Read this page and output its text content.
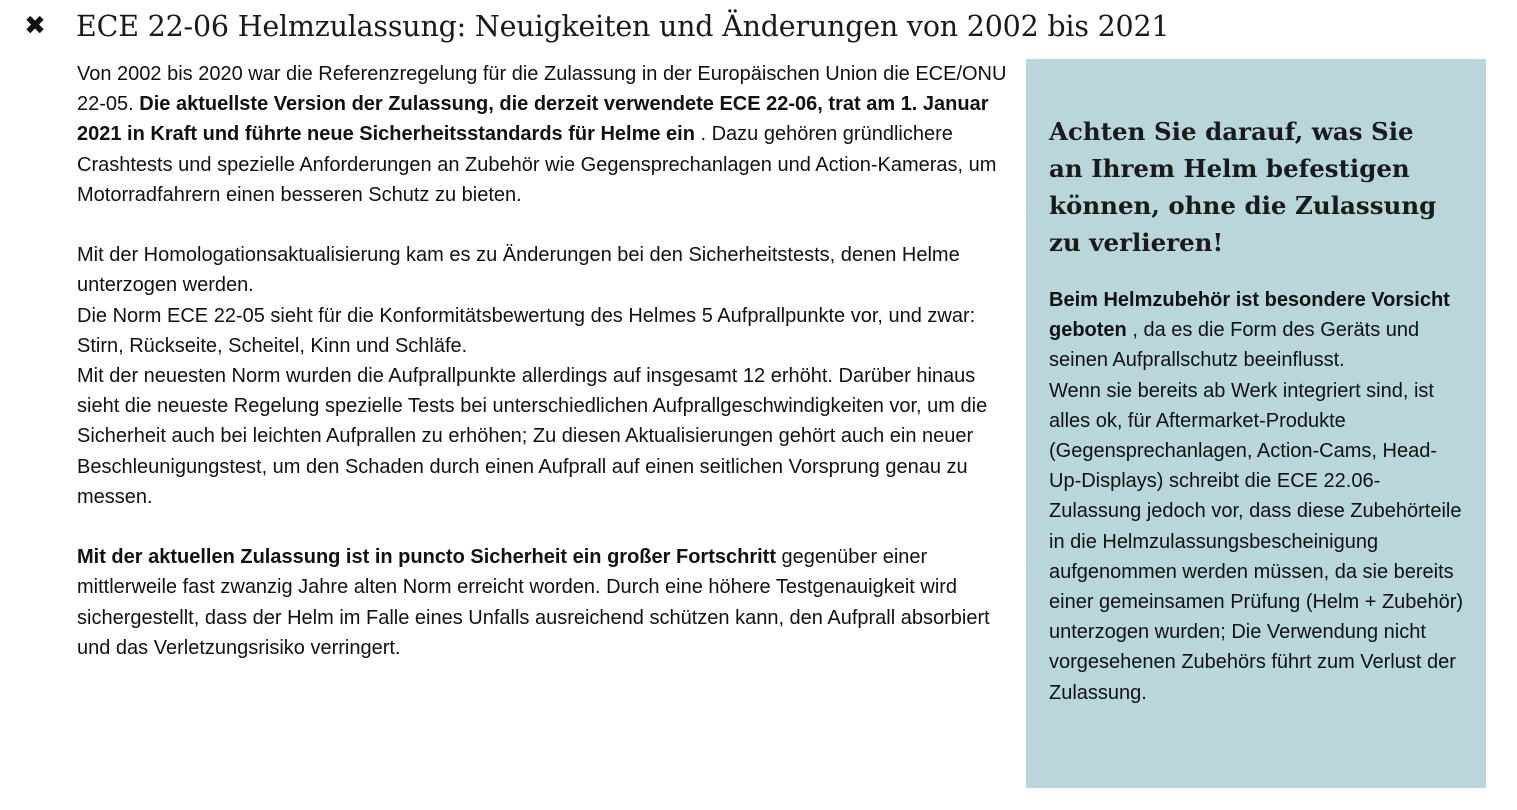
✖ ECE 22-06 Helmzulassung: Neuigkeiten und Änderungen von 2002 bis 2021

Von 2002 bis 2020 war die Referenzregelung für die Zulassung in der Europäischen Union die ECE/ONU 22-05. Die aktuellste Version der Zulassung, die derzeit verwendete ECE 22-06, trat am 1. Januar 2021 in Kraft und führte neue Sicherheitsstandards für Helme ein . Dazu gehören gründlichere Crashtests und spezielle Anforderungen an Zubehör wie Gegensprechanlagen und Action-Kameras, um Motorradfahrern einen besseren Schutz zu bieten.

Mit der Homologationsaktualisierung kam es zu Änderungen bei den Sicherheitstests, denen Helme unterzogen werden.

Die Norm ECE 22-05 sieht für die Konformitätsbewertung des Helmes 5 Aufprallpunkte vor, und zwar: Stirn, Rückseite, Scheitel, Kinn und Schläfe.

Mit der neuesten Norm wurden die Aufprallpunkte allerdings auf insgesamt 12 erhöht. Darüber hinaus sieht die neueste Regelung spezielle Tests bei unterschiedlichen Aufprallgeschwindigkeiten vor, um die Sicherheit auch bei leichten Aufprallen zu erhöhen; Zu diesen Aktualisierungen gehört auch ein neuer Beschleunigungstest, um den Schaden durch einen Aufprall auf einen seitlichen Vorsprung genau zu messen.

Mit der aktuellen Zulassung ist in puncto Sicherheit ein großer Fortschritt gegenüber einer mittlerweile fast zwanzig Jahre alten Norm erreicht worden. Durch eine höhere Testgenauigkeit wird sichergestellt, dass der Helm im Falle eines Unfalls ausreichend schützen kann, den Aufprall absorbiert und das Verletzungsrisiko verringert.

Achten Sie darauf, was Sie an Ihrem Helm befestigen können, ohne die Zulassung zu verlieren!

Beim Helmzubehör ist besondere Vorsicht geboten , da es die Form des Geräts und seinen Aufprallschutz beeinflusst.
Wenn sie bereits ab Werk integriert sind, ist alles ok, für Aftermarket-Produkte (Gegensprechanlagen, Action-Cams, Head-Up-Displays) schreibt die ECE 22.06-Zulassung jedoch vor, dass diese Zubehörteile in die Helmzulassungsbescheinigung aufgenommen werden müssen, da sie bereits einer gemeinsamen Prüfung (Helm + Zubehör) unterzogen wurden; Die Verwendung nicht vorgesehenen Zubehörs führt zum Verlust der Zulassung.
